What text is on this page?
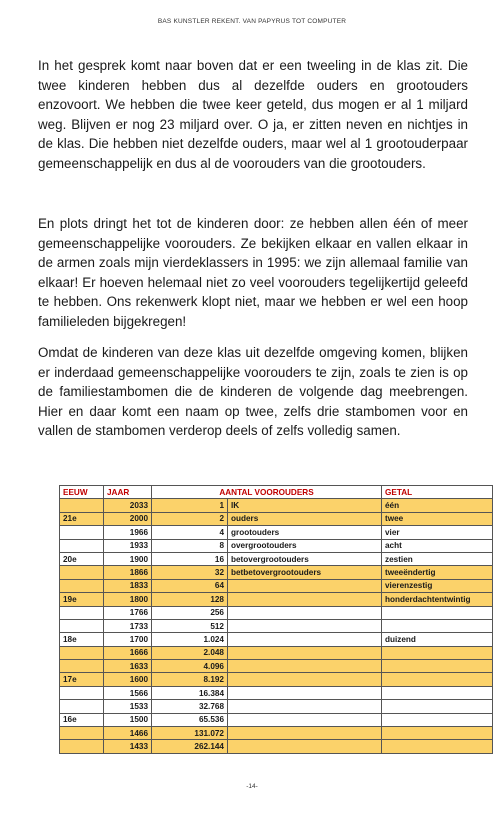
BAS KUNSTLER REKENT. VAN PAPYRUS TOT COMPUTER

In het gesprek komt naar boven dat er een tweeling in de klas zit. Die twee kinderen hebben dus al dezelfde ouders en grootouders enzovoort. We hebben die twee keer geteld, dus mogen er al 1 miljard weg. Blijven er nog 23 miljard over. O ja, er zitten neven en nichtjes in de klas. Die hebben niet dezelfde ouders, maar wel al 1 grootouderpaar gemeenschappelijk en dus al de voorouders van die grootouders.

En plots dringt het tot de kinderen door: ze hebben allen één of meer gemeenschappelijke voorouders. Ze bekijken elkaar en vallen elkaar in de armen zoals mijn vierdeklassers in 1995: we zijn allemaal familie van elkaar! Er hoeven helemaal niet zo veel voorouders tegelijkertijd geleefd te hebben. Ons rekenwerk klopt niet, maar we hebben er wel een hoop familieleden bijgekregen!

Omdat de kinderen van deze klas uit dezelfde omgeving komen, blijken er inderdaad gemeenschappelijke voorouders te zijn, zoals te zien is op de familiestambomen die de kinderen de volgende dag meebrengen. Hier en daar komt een naam op twee, zelfs drie stambomen voor en vallen de stambomen verderop deels of zelfs volledig samen.

EEUW	JAAR	AANTAL VOOROUDERS		GETAL
	2033	1	IK	één
21e	2000	2	ouders	twee
	1966	4	grootouders	vier
	1933	8	overgrootouders	acht
20e	1900	16	betovergrootouders	zestien
	1866	32	betbetovergrootouders	tweeëndertig
	1833	64		vierenzestig
19e	1800	128		honderdachtentwintig
	1766	256		
	1733	512		
18e	1700	1.024		duizend
	1666	2.048		
	1633	4.096		
17e	1600	8.192		
	1566	16.384		
	1533	32.768		
16e	1500	65.536		
	1466	131.072		
	1433	262.144		
-14-
